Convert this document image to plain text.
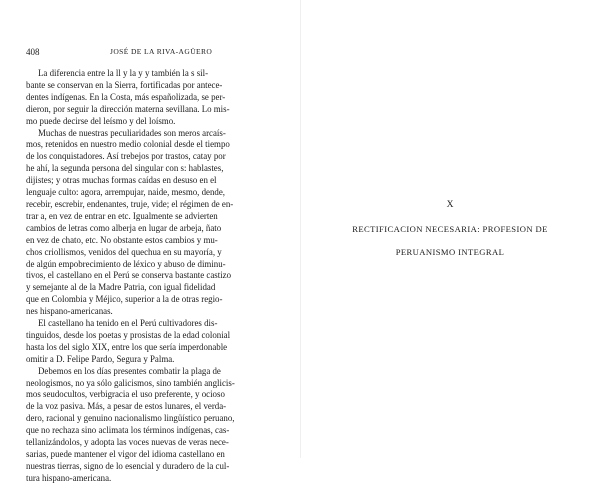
408	JOSÉ DE LA RIVA-AGÜERO
La diferencia entre la ll y la y y también la s sil-
bante se conservan en la Sierra, fortificadas por antece-
dentes indígenas. En la Costa, más españolizada, se per-
dieron, por seguir la dirección materna sevillana. Lo mis-
mo puede decirse del leísmo y del loísmo.
Muchas de nuestras peculiaridades son meros arcaís-
mos, retenidos en nuestro medio colonial desde el tiempo
de los conquistadores. Así trebejos por trastos, catay por
he ahí, la segunda persona del singular con s: hablastes,
dijistes; y otras muchas formas caídas en desuso en el
lenguaje culto: agora, arrempujar, naide, mesmo, dende,
recebir, escrebir, endenantes, truje, vide; el régimen de en-
trar a, en vez de entrar en etc. Igualmente se advierten
cambios de letras como alberja en lugar de arbeja, ñato
en vez de chato, etc. No obstante estos cambios y mu-
chos criollismos, venidos del quechua en su mayoría, y
de algún empobrecimiento de léxico y abuso de diminu-
tivos, el castellano en el Perú se conserva bastante castizo
y semejante al de la Madre Patria, con igual fidelidad
que en Colombia y Méjico, superior a la de otras regio-
nes hispano-americanas.
El castellano ha tenido en el Perú cultivadores dis-
tinguidos, desde los poetas y prosistas de la edad colonial
hasta los del siglo XIX, entre los que sería imperdonable
omitir a D. Felipe Pardo, Segura y Palma.
Debemos en los días presentes combatir la plaga de
neologismos, no ya sólo galicismos, sino también anglicis-
mos seudocultos, verbigracia el uso preferente, y ocioso
de la voz pasiva. Más, a pesar de estos lunares, el verda-
dero, racional y genuino nacionalismo lingüístico peruano,
que no rechaza sino aclimata los términos indígenas, cas-
tellanizándolos, y adopta las voces nuevas de veras nece-
sarias, puede mantener el vigor del idioma castellano en
nuestras tierras, signo de lo esencial y duradero de la cul-
tura hispano-americana.
X
RECTIFICACION NECESARIA: PROFESION DE
PERUANISMO INTEGRAL
